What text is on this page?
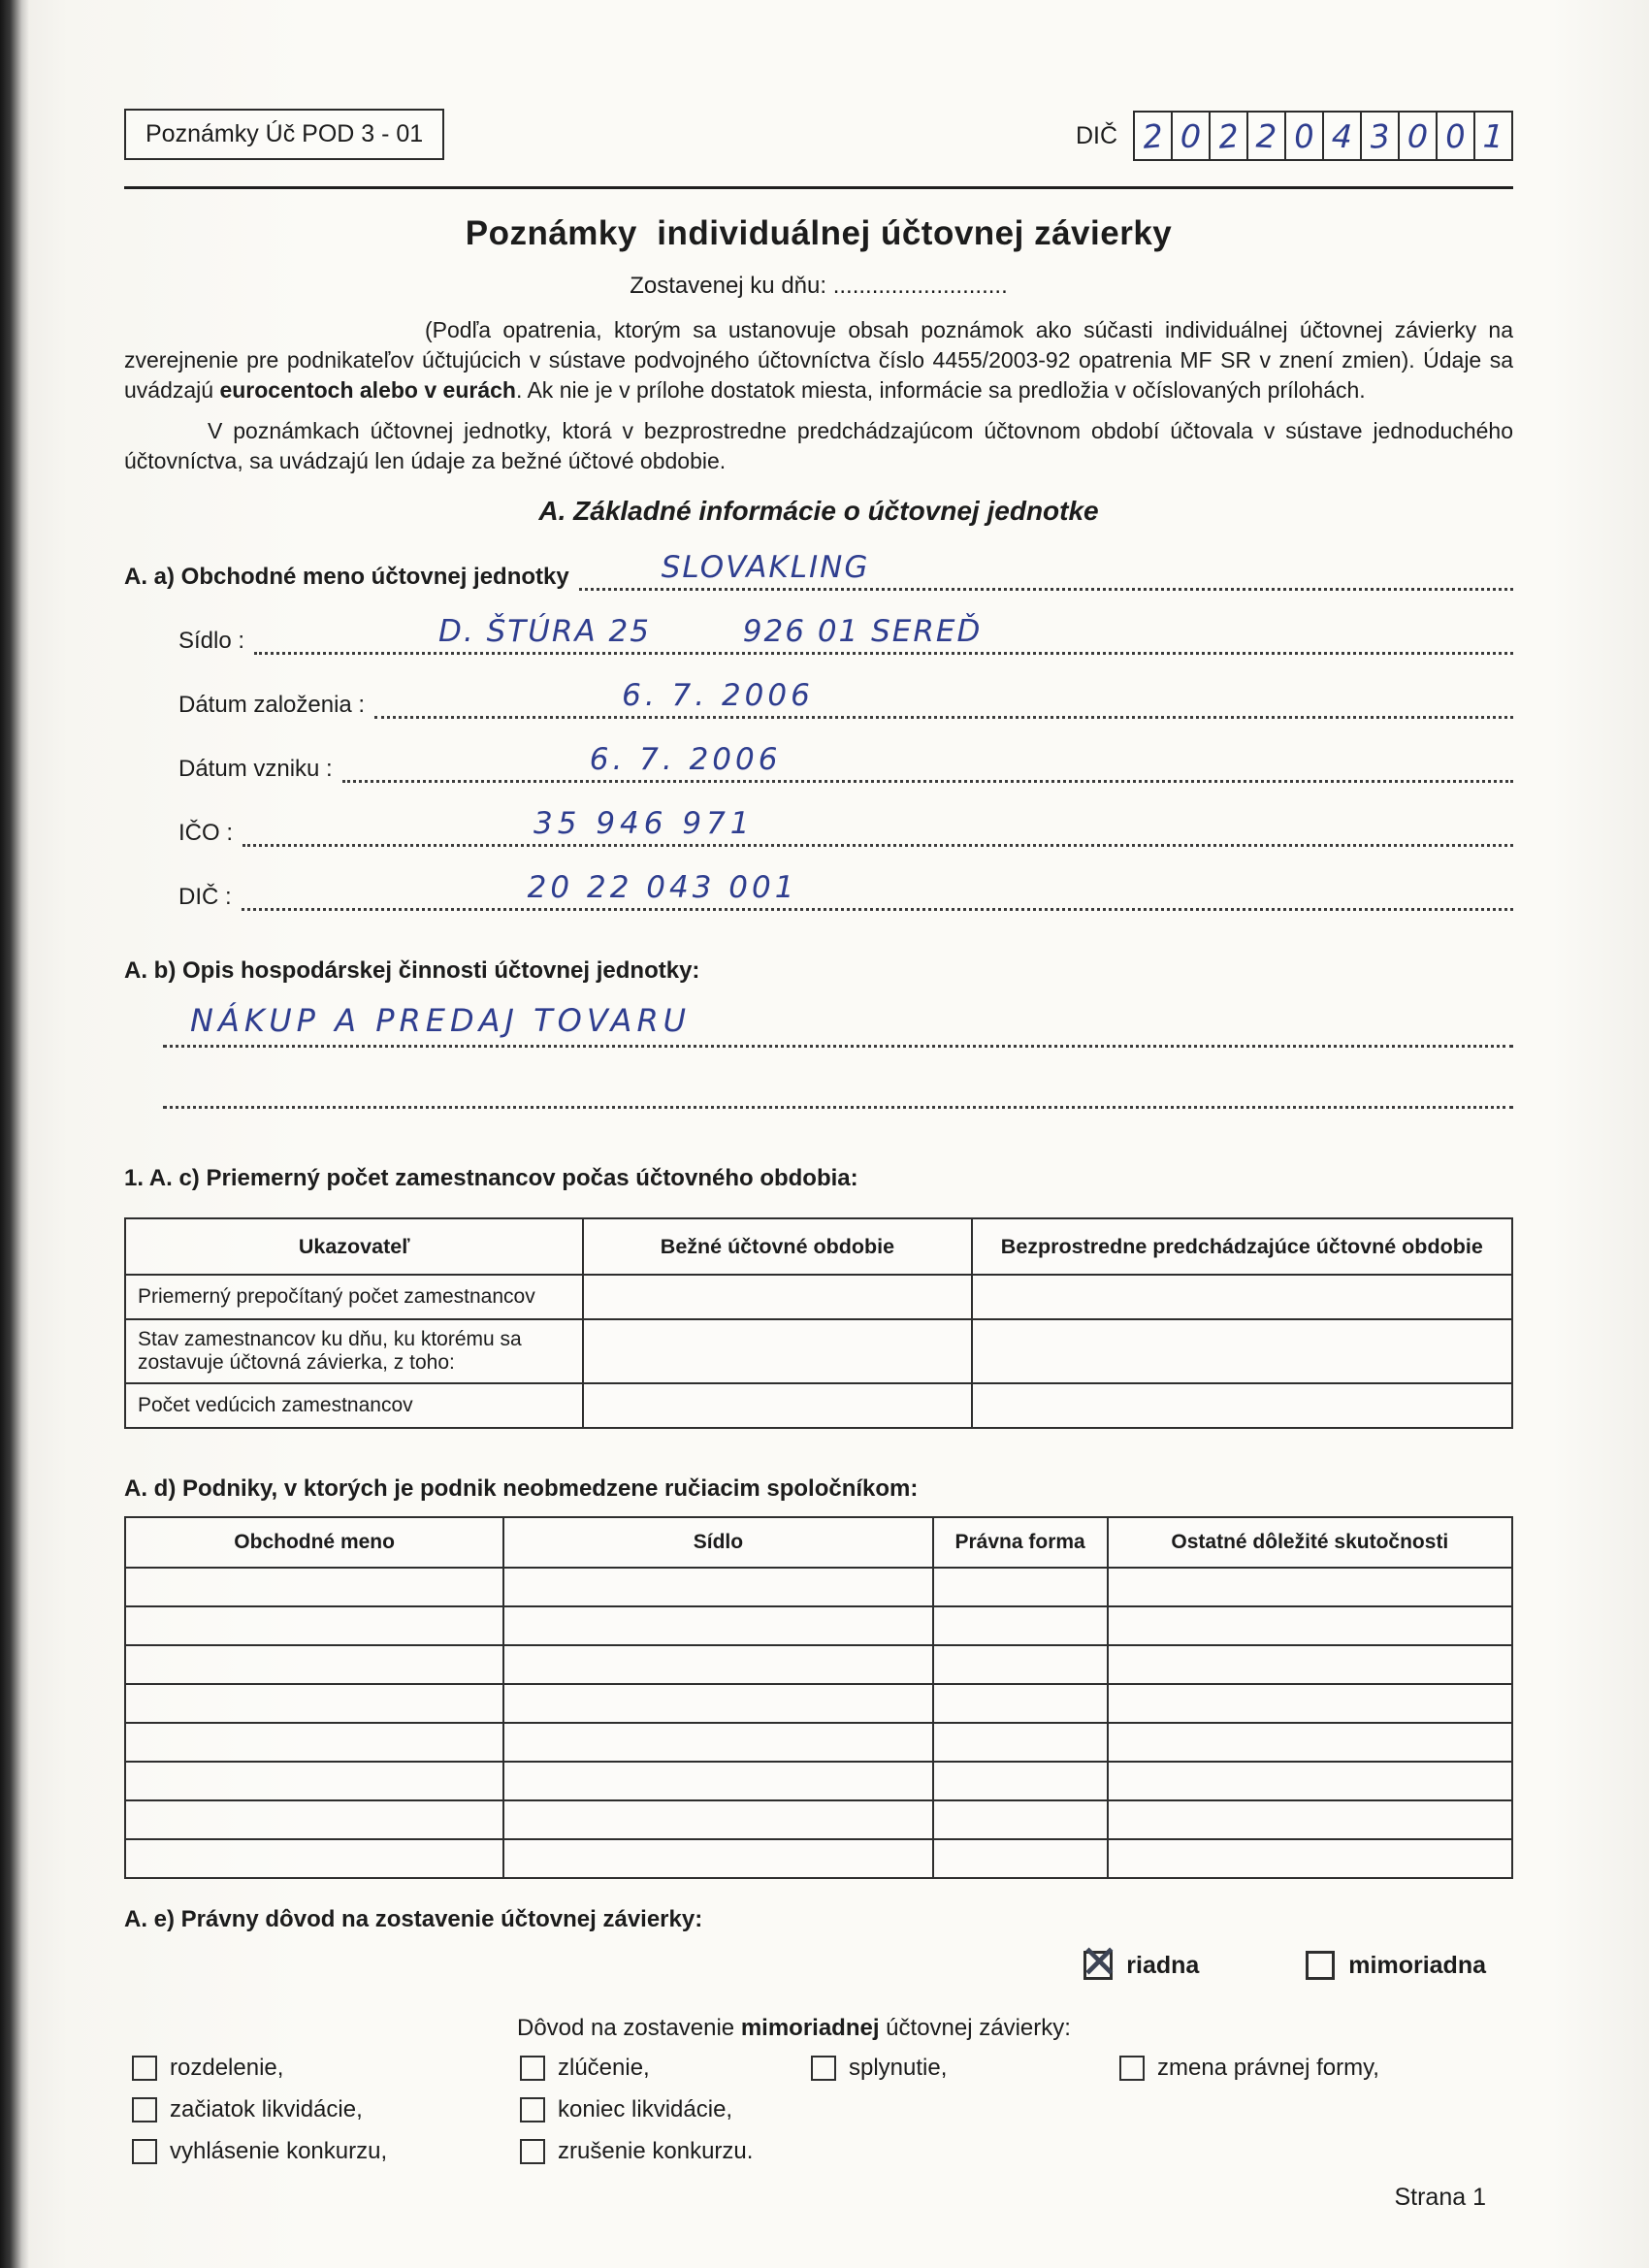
Poznámky Úč POD 3 - 01	DIČ 2 0 2 2 0 4 3 0 0 1
Poznámky  individuálnej účtovnej závierky
Zostavenej ku dňu: ...........................

(Podľa opatrenia, ktorým sa ustanovuje obsah poznámok ako súčasti individuálnej účtovnej závierky na zverejnenie pre podnikateľov účtujúcich v sústave podvojného účtovníctva číslo 4455/2003-92 opatrenia MF SR v znení zmien). Údaje sa uvádzajú eurocentoch alebo v eurách. Ak nie je v prílohe dostatok miesta, informácie sa predložia v očíslovaných prílohách.

V poznámkach účtovnej jednotky, ktorá v bezprostredne predchádzajúcom účtovnom období účtovala v sústave jednoduchého účtovníctva, sa uvádzajú len údaje za bežné účtové obdobie.

A. Základné informácie o účtovnej jednotke
A. a) Obchodné meno účtovnej jednotky	SLOVAKLING
Sídlo :	D. ŠTÚRA 25        926 01 SEREĎ
Dátum založenia :	6. 7. 2006
Dátum vzniku :	6. 7. 2006
IČO :	35 946 971
DIČ :	20 22 043 001
A. b) Opis hospodárskej činnosti účtovnej jednotky:
NÁKUP A PREDAJ TOVARU
1. A. c) Priemerný počet zamestnancov počas účtovného obdobia:
Ukazovateľ	Bežné účtovné obdobie	Bezprostredne predchádzajúce účtovné obdobie
Priemerný prepočítaný počet zamestnancov		
Stav zamestnancov ku dňu, ku ktorému sa zostavuje účtovná závierka, z toho:		
Počet vedúcich zamestnancov		
A. d) Podniky, v ktorých je podnik neobmedzene ručiacim spoločníkom:
Obchodné meno	Sídlo	Právna forma	Ostatné dôležité skutočnosti

A. e) Právny dôvod na zostavenie účtovnej závierky:
✕ riadna	mimoriadna
Dôvod na zostavenie mimoriadnej účtovnej závierky:
rozdelenie,	zlúčenie,	splynutie,	zmena právnej formy,
začiatok likvidácie,	koniec likvidácie,
vyhlásenie konkurzu,	zrušenie konkurzu.
Strana 1
